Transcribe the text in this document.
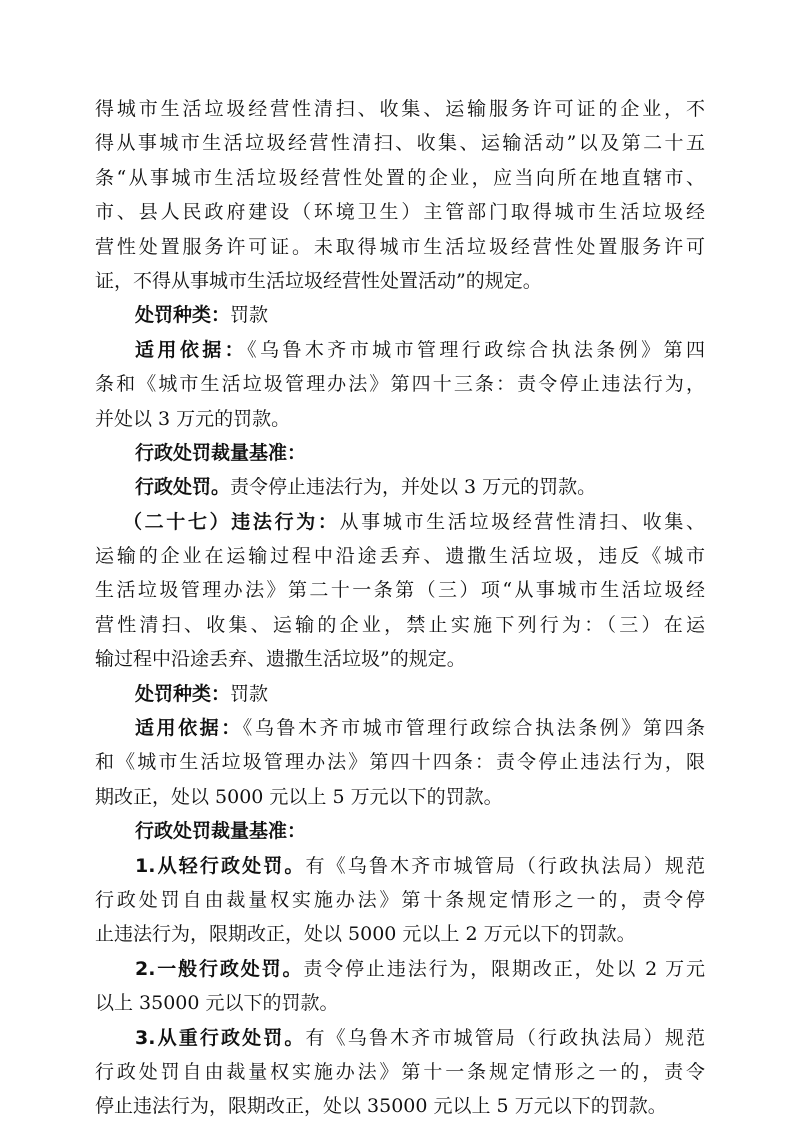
得城市生活垃圾经营性清扫、收集、运输服务许可证的企业，不
得从事城市生活垃圾经营性清扫、收集、运输活动”以及第二十五
条“从事城市生活垃圾经营性处置的企业，应当向所在地直辖市、
市、县人民政府建设（环境卫生）主管部门取得城市生活垃圾经
营性处置服务许可证。未取得城市生活垃圾经营性处置服务许可
证，不得从事城市生活垃圾经营性处置活动”的规定。
处罚种类：罚款
适用依据：《乌鲁木齐市城市管理行政综合执法条例》第四
条和《城市生活垃圾管理办法》第四十三条：责令停止违法行为，
并处以 3 万元的罚款。
行政处罚裁量基准：
行政处罚。责令停止违法行为，并处以 3 万元的罚款。
（二十七）违法行为：从事城市生活垃圾经营性清扫、收集、
运输的企业在运输过程中沿途丢弃、遗撒生活垃圾，违反《城市
生活垃圾管理办法》第二十一条第（三）项“从事城市生活垃圾经
营性清扫、收集、运输的企业，禁止实施下列行为：（三）在运
输过程中沿途丢弃、遗撒生活垃圾”的规定。
处罚种类：罚款
适用依据：《乌鲁木齐市城市管理行政综合执法条例》第四条
和《城市生活垃圾管理办法》第四十四条：责令停止违法行为，限
期改正，处以 5000 元以上 5 万元以下的罚款。
行政处罚裁量基准：
1.从轻行政处罚。有《乌鲁木齐市城管局（行政执法局）规范
行政处罚自由裁量权实施办法》第十条规定情形之一的，责令停
止违法行为，限期改正，处以 5000 元以上 2 万元以下的罚款。
2.一般行政处罚。责令停止违法行为，限期改正，处以 2 万元
以上 35000 元以下的罚款。
3.从重行政处罚。有《乌鲁木齐市城管局（行政执法局）规范
行政处罚自由裁量权实施办法》第十一条规定情形之一的，责令
停止违法行为，限期改正，处以 35000 元以上 5 万元以下的罚款。
